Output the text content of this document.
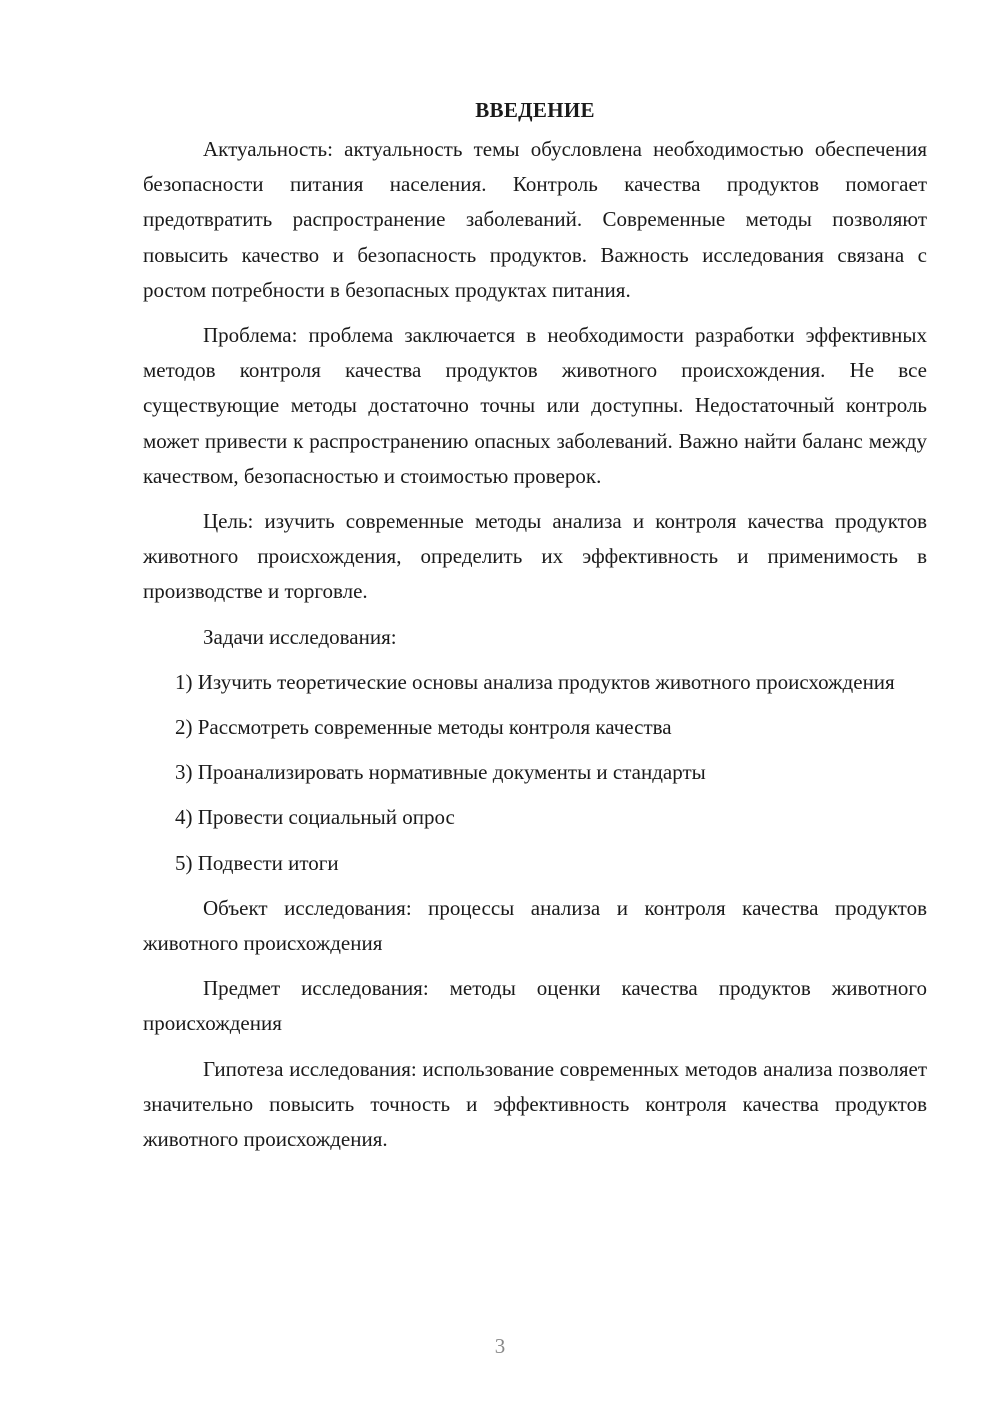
ВВЕДЕНИЕ

Актуальность: актуальность темы обусловлена необходимостью обеспечения безопасности питания населения. Контроль качества продуктов помогает предотвратить распространение заболеваний. Современные методы позволяют повысить качество и безопасность продуктов. Важность исследования связана с ростом потребности в безопасных продуктах питания.

Проблема: проблема заключается в необходимости разработки эффективных методов контроля качества продуктов животного происхождения. Не все существующие методы достаточно точны или доступны. Недостаточный контроль может привести к распространению опасных заболеваний. Важно найти баланс между качеством, безопасностью и стоимостью проверок.

Цель: изучить современные методы анализа и контроля качества продуктов животного происхождения, определить их эффективность и применимость в производстве и торговле.

Задачи исследования:

1) Изучить теоретические основы анализа продуктов животного происхождения

2) Рассмотреть современные методы контроля качества

3) Проанализировать нормативные документы и стандарты

4) Провести социальный опрос

5) Подвести итоги

Объект исследования: процессы анализа и контроля качества продуктов животного происхождения

Предмет исследования: методы оценки качества продуктов животного происхождения

Гипотеза исследования: использование современных методов анализа позволяет значительно повысить точность и эффективность контроля качества продуктов животного происхождения.

3
